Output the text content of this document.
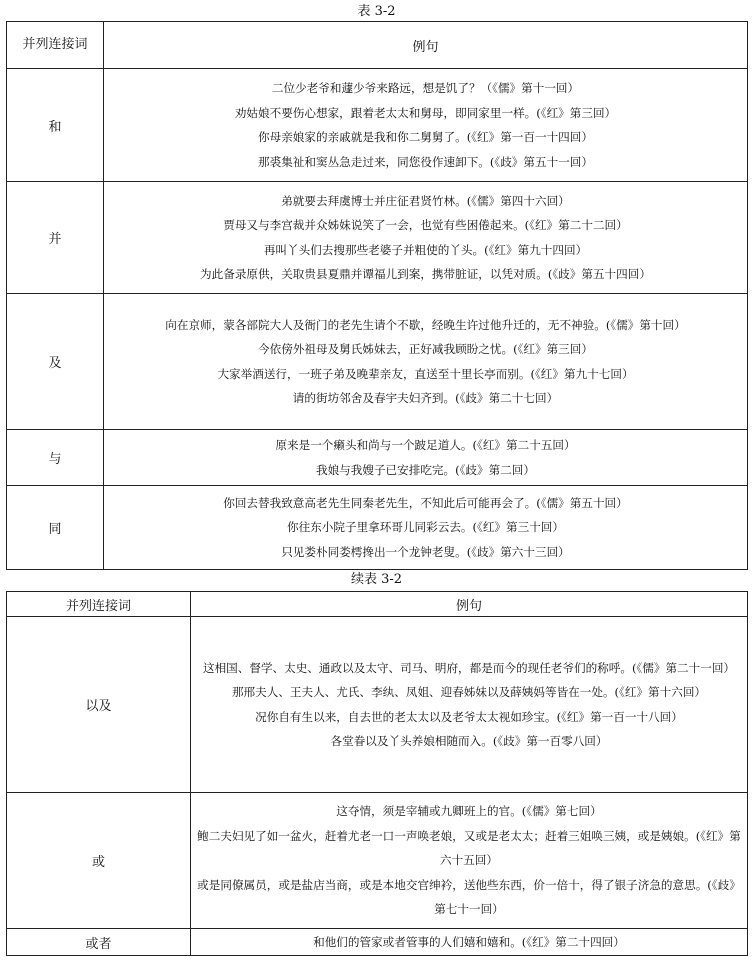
表 3-2
并列连接词	例句
和	二位少老爷和蘧少爷来路远，想是饥了？（《儒》第十一回）
劝姑娘不要伤心想家，跟着老太太和舅母，即同家里一样。(《红》第三回）
你母亲娘家的亲戚就是我和你二舅舅了。(《红》第一百一十四回）
那裘集祉和窦丛急走过来，同您役作速卸下。(《歧》第五十一回）

并	弟就要去拜虞博士并庄征君贤竹林。(《儒》第四十六回）
贾母又与李宫裁并众姊妹说笑了一会，也觉有些困倦起来。(《红》第二十二回）
再叫丫头们去搜那些老婆子并粗使的丫头。(《红》第九十四回）
为此备录原供，关取贵县夏鼎并谭福儿到案，携带脏证，以凭对质。(《歧》第五十四回）

及	向在京师，蒙各部院大人及衙门的老先生请个不歇，经晚生许过他升迁的，无不神验。(《儒》第十回）
今依傍外祖母及舅氏姊妹去，正好减我顾盼之忧。(《红》第三回）
大家举酒送行，一班子弟及晚辈亲友，直送至十里长亭而别。(《红》第九十七回）
请的街坊邻舍及春宇夫妇齐到。(《歧》第二十七回）

与	原来是一个癞头和尚与一个跛足道人。(《红》第二十五回）
我娘与我嫂子已安排吃完。(《歧》第二回）

同	你回去替我致意高老先生同秦老先生，不知此后可能再会了。(《儒》第五十回）
你往东小院子里拿环哥儿同彩云去。(《红》第三十回）
只见娄朴同娄樗搀出一个龙钟老叟。(《歧》第六十三回）
续表 3-2
并列连接词	例句
以及	这相国、督学、太史、通政以及太守、司马、明府，都是而今的现任老爷们的称呼。(《儒》第二十一回）
那邢夫人、王夫人、尤氏、李纨、凤姐、迎春姊妹以及薛姨妈等皆在一处。(《红》第十六回）
况你自有生以来，自去世的老太太以及老爷太太视如珍宝。(《红》第一百一十八回）
各堂眷以及丫头养娘相随而入。(《歧》第一百零八回）

或	这夺情，须是宰辅或九卿班上的官。(《儒》第七回）
鲍二夫妇见了如一盆火，赶着尤老一口一声唤老娘，又或是老太太；赶着三姐唤三姨，或是姨娘。(《红》第六十五回）
或是同僚属员，或是盐店当商，或是本地交官绅衿，送他些东西，价一倍十，得了银子济急的意思。(《歧》第七十一回）

或者	和他们的管家或者管事的人们嬉和嬉和。(《红》第二十四回）
